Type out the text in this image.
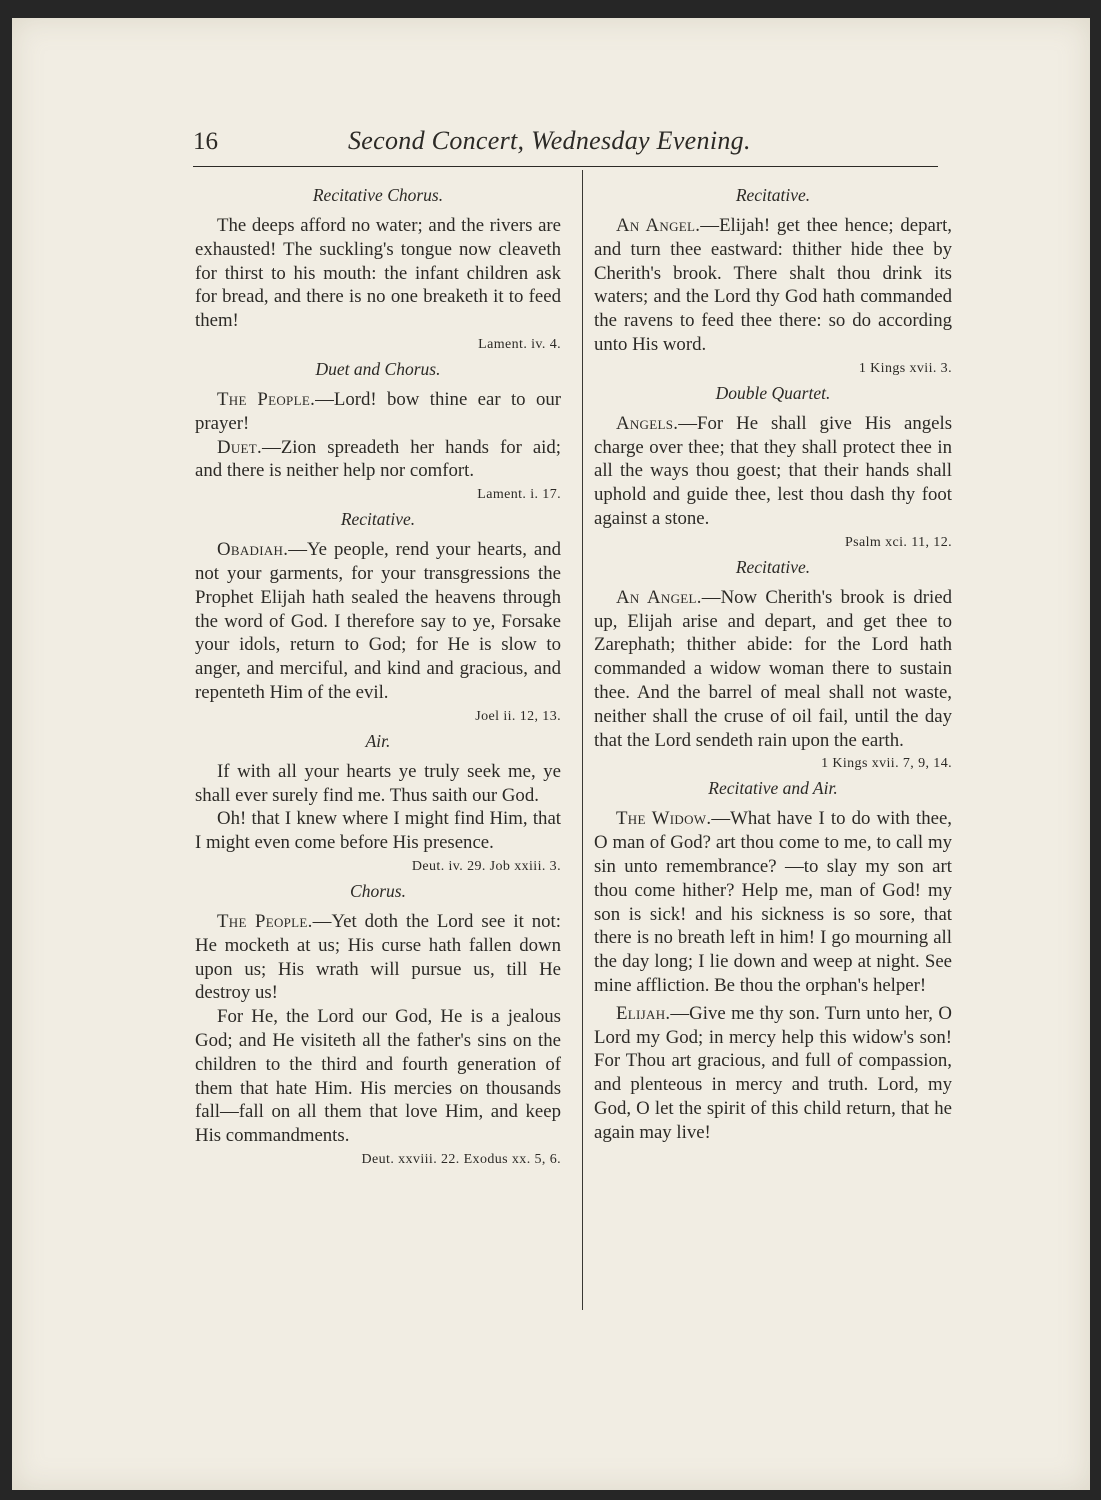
16	Second Concert, Wednesday Evening.

Recitative Chorus.

The deeps afford no water; and the rivers are exhausted! The suckling's tongue now cleaveth for thirst to his mouth: the infant children ask for bread, and there is no one breaketh it to feed them!

Lament. iv. 4.

Duet and Chorus.

The People.—Lord! bow thine ear to our prayer!

Duet.—Zion spreadeth her hands for aid; and there is neither help nor comfort.

Lament. i. 17.

Recitative.

Obadiah.—Ye people, rend your hearts, and not your garments, for your transgressions the Prophet Elijah hath sealed the heavens through the word of God. I therefore say to ye, Forsake your idols, return to God; for He is slow to anger, and merciful, and kind and gracious, and repenteth Him of the evil.

Joel ii. 12, 13.

Air.

If with all your hearts ye truly seek me, ye shall ever surely find me. Thus saith our God.

Oh! that I knew where I might find Him, that I might even come before His presence.

Deut. iv. 29. Job xxiii. 3.

Chorus.

The People.—Yet doth the Lord see it not: He mocketh at us; His curse hath fallen down upon us; His wrath will pursue us, till He destroy us!

For He, the Lord our God, He is a jealous God; and He visiteth all the father's sins on the children to the third and fourth generation of them that hate Him. His mercies on thousands fall—fall on all them that love Him, and keep His commandments.

Deut. xxviii. 22. Exodus xx. 5, 6.

Recitative.

An Angel.—Elijah! get thee hence; depart, and turn thee eastward: thither hide thee by Cherith's brook. There shalt thou drink its waters; and the Lord thy God hath commanded the ravens to feed thee there: so do according unto His word.

1 Kings xvii. 3.

Double Quartet.

Angels.—For He shall give His angels charge over thee; that they shall protect thee in all the ways thou goest; that their hands shall uphold and guide thee, lest thou dash thy foot against a stone.

Psalm xci. 11, 12.

Recitative.

An Angel.—Now Cherith's brook is dried up, Elijah arise and depart, and get thee to Zarephath; thither abide: for the Lord hath commanded a widow woman there to sustain thee. And the barrel of meal shall not waste, neither shall the cruse of oil fail, until the day that the Lord sendeth rain upon the earth.

1 Kings xvii. 7, 9, 14.

Recitative and Air.

The Widow.—What have I to do with thee, O man of God? art thou come to me, to call my sin unto remembrance? —to slay my son art thou come hither? Help me, man of God! my son is sick! and his sickness is so sore, that there is no breath left in him! I go mourning all the day long; I lie down and weep at night. See mine affliction. Be thou the orphan's helper!

Elijah.—Give me thy son. Turn unto her, O Lord my God; in mercy help this widow's son! For Thou art gracious, and full of compassion, and plenteous in mercy and truth. Lord, my God, O let the spirit of this child return, that he again may live!
